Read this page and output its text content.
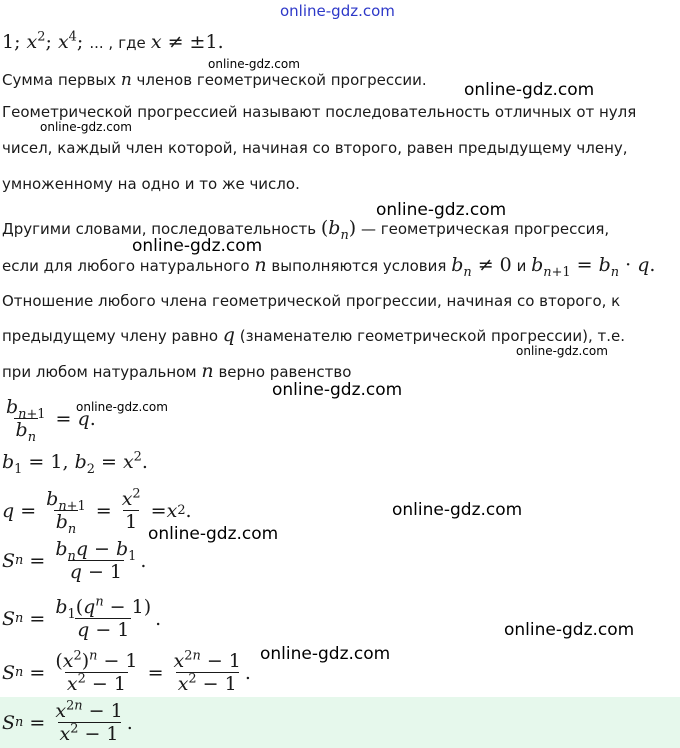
online-gdz.com
1; $x^2$; $x^4$; ... , где x ≠ ±1.
online-gdz.com
Сумма первых n членов геометрической прогрессии. online-gdz.com
Геометрической прогрессией называют последовательность отличных от нуля
online-gdz.com
чисел, каждый член которой, начиная со второго, равен предыдущему члену,
умноженному на одно и то же число.
online-gdz.com
Другими словами, последовательность $(b_n)$ — геометрическая прогрессия,
online-gdz.com
если для любого натурального n выполняются условия $b_n \ne 0$ и $b_{n+1} = b_n \cdot q$.
Отношение любого члена геометрической прогрессии, начиная со второго, к
предыдущему члену равно q (знаменателю геометрической прогрессии), т.е.
online-gdz.com
при любом натуральном n верно равенство
online-gdz.com
$\frac{b_{n+1}}{b_n} = q$.
online-gdz.com
$b_1 = 1$, $b_2 = x^2$.
$q = \frac{b_{n+1}}{b_n} = \frac{x^2}{1} = x$ 2 .	online-gdz.com
S $n = \frac{b_nq - b_1}{q - 1}$ .
online-gdz.com
S $n = \frac{b_1(q^n - 1)}{q - 1}$ .
online-gdz.com
S $n = \frac{(x^2)^n - 1}{x^2 - 1} = \frac{x^{2n} - 1}{x^2 - 1}$ .
online-gdz.com
S $n = \frac{x^{2n} - 1}{x^2 - 1}$ .
